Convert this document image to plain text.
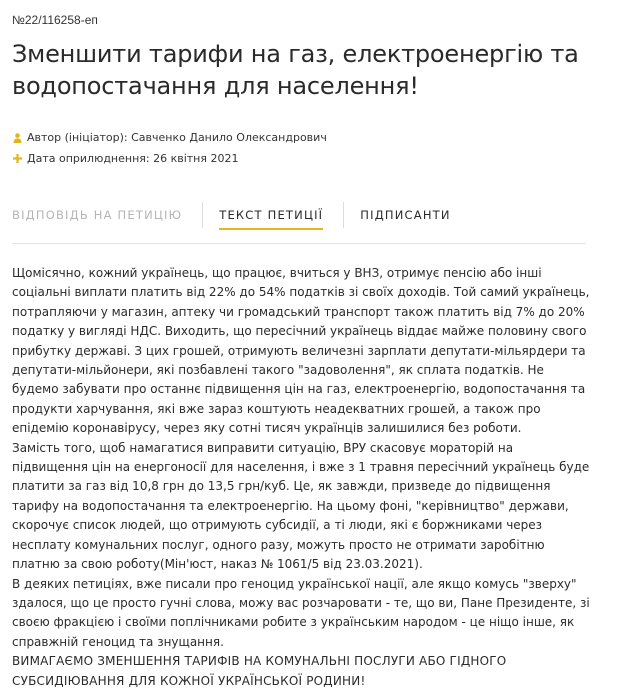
№22/116258-еп
Зменшити тарифи на газ, електроенергію та водопостачання для населення!
Автор (ініціатор): Савченко Данило Олександрович
Дата оприлюднення: 26 квітня 2021
ВІДПОВІДЬ НА ПЕТИЦІЮ	ТЕКСТ ПЕТИЦІЇ	ПІДПИСАНТИ

Щомісячно, кожний українець, що працює, вчиться у ВНЗ, отримує пенсію або інші соціальні виплати платить від 22% до 54% податків зі своїх доходів. Той самий українець, потрапляючи у магазин, аптеку чи громадський транспорт також платить від 7% до 20% податку у вигляді НДС. Виходить, що пересічний українець віддає майже половину свого прибутку державі. З цих грошей, отримують величезні зарплати депутати-мільярдери та депутати-мільйонери, які позбавлені такого "задоволення", як сплата податків. Не будемо забувати про останнє підвищення цін на газ, електроенергію, водопостачання та продукти харчування, які вже зараз коштують неадекватних грошей, а також про епідемію коронавірусу, через яку сотні тисяч українців залишилися без роботи.

Замість того, щоб намагатися виправити ситуацію, ВРУ скасовує мораторій на підвищення цін на енергоносії для населення, і вже з 1 травня пересічний українець буде платити за газ від 10,8 грн до 13,5 грн/куб. Це, як завжди, призведе до підвищення тарифу на водопостачання та електроенергію. На цьому фоні, "керівництво" держави, скорочує список людей, що отримують субсидії, а ті люди, які є боржниками через несплату комунальних послуг, одного разу, можуть просто не отримати заробітню платню за свою роботу(Мін'юст, наказ № 1061/5 від 23.03.2021).

В деяких петиціях, вже писали про геноцид української нації, але якщо комусь "зверху" здалося, що це просто гучні слова, можу вас розчаровати - те, що ви, Пане Президенте, зі своєю фракцією і своїми поплічниками робите з українським народом - це ніщо інше, як справжній геноцид та знущання.

ВИМАГАЄМО ЗМЕНШЕННЯ ТАРИФІВ НА КОМУНАЛЬНІ ПОСЛУГИ АБО ГІДНОГО СУБСИДІЮВАННЯ ДЛЯ КОЖНОЇ УКРАЇНСЬКОЇ РОДИНИ!
